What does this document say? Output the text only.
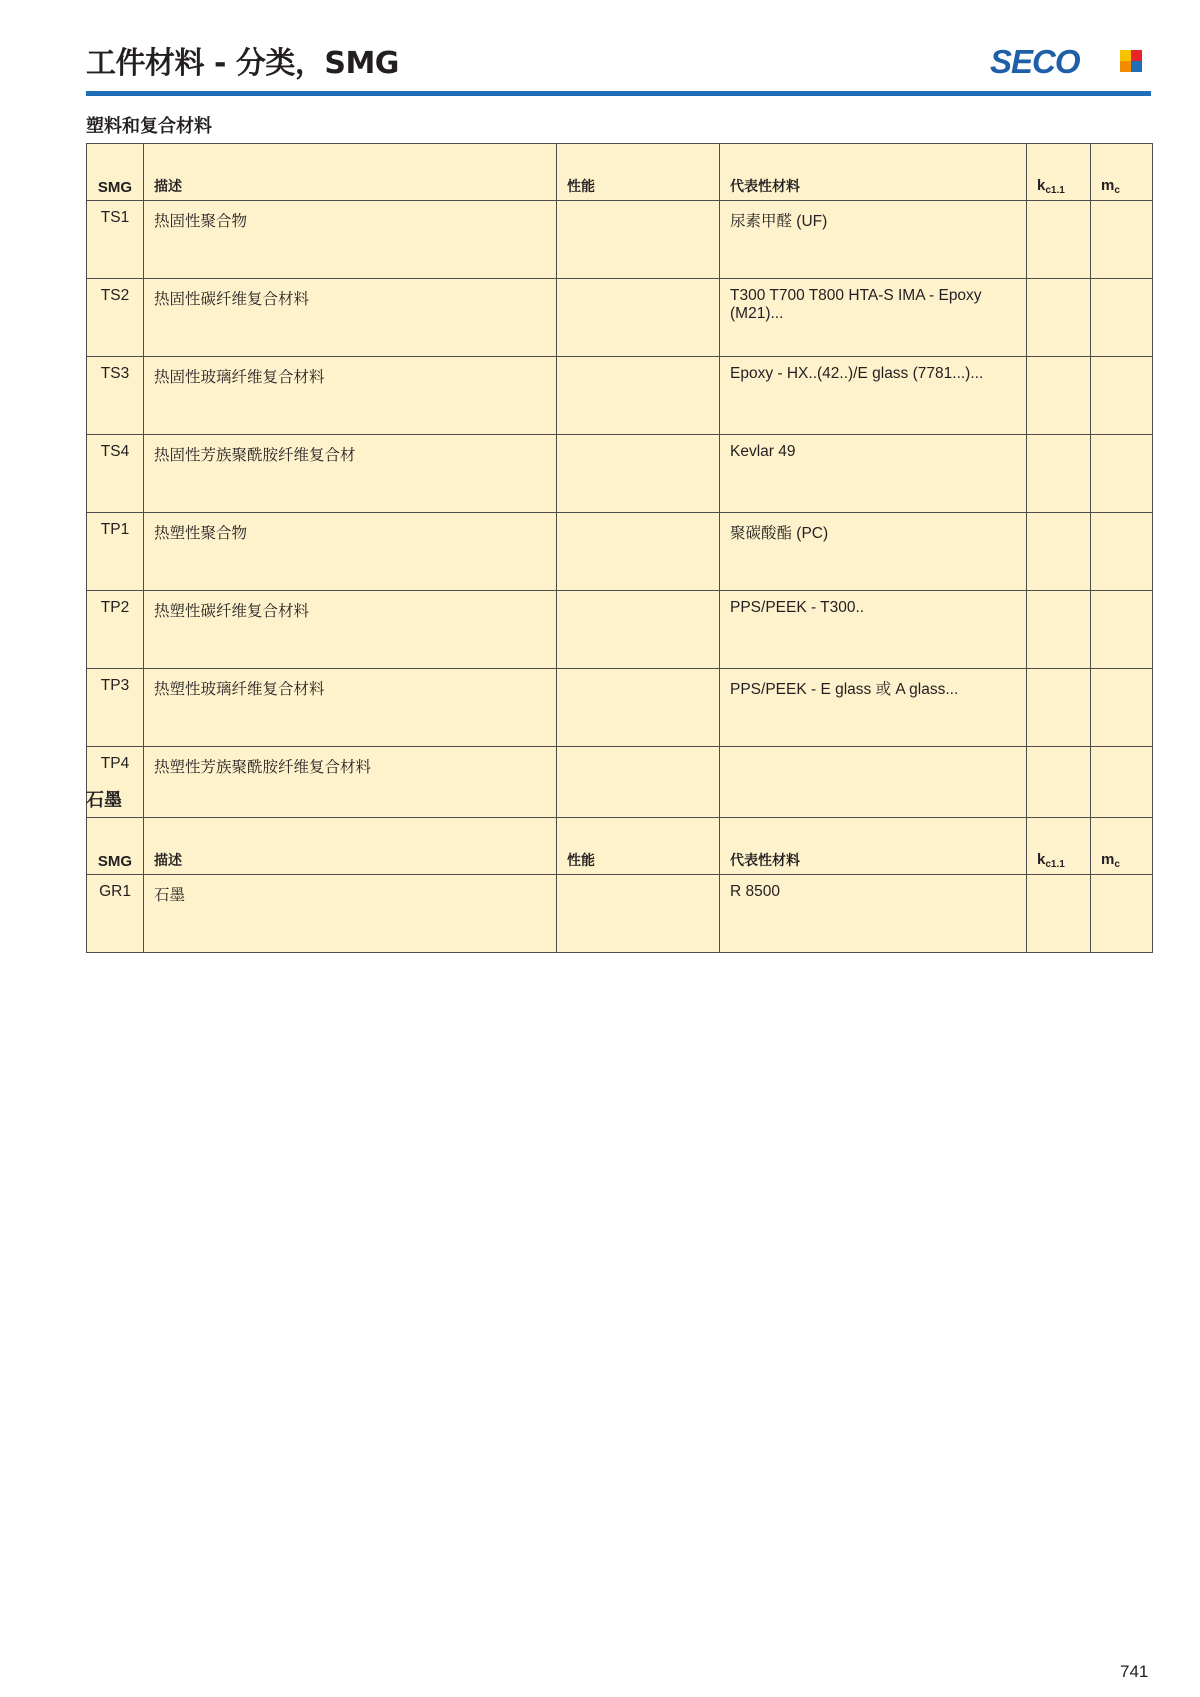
工件材料 - 分类，SMG	SECO
塑料和复合材料
SMG	描述	性能	代表性材料	$k_{c1.1}$	$m_c$
TS1	热固性聚合物		尿素甲醛 (UF)		
TS2	热固性碳纤维复合材料		T300 T700 T800 HTA-S IMA - Epoxy (M21)...		
TS3	热固性玻璃纤维复合材料		Epoxy - HX..(42..)/E glass (7781...)...		
TS4	热固性芳族聚酰胺纤维复合材		Kevlar 49		
TP1	热塑性聚合物		聚碳酸酯 (PC)		
TP2	热塑性碳纤维复合材料		PPS/PEEK - T300..		
TP3	热塑性玻璃纤维复合材料		PPS/PEEK - E glass 或 A glass...		
TP4	热塑性芳族聚酰胺纤维复合材料				
石墨
SMG	描述	性能	代表性材料	$k_{c1.1}$	$m_c$
GR1	石墨		R 8500		
741
